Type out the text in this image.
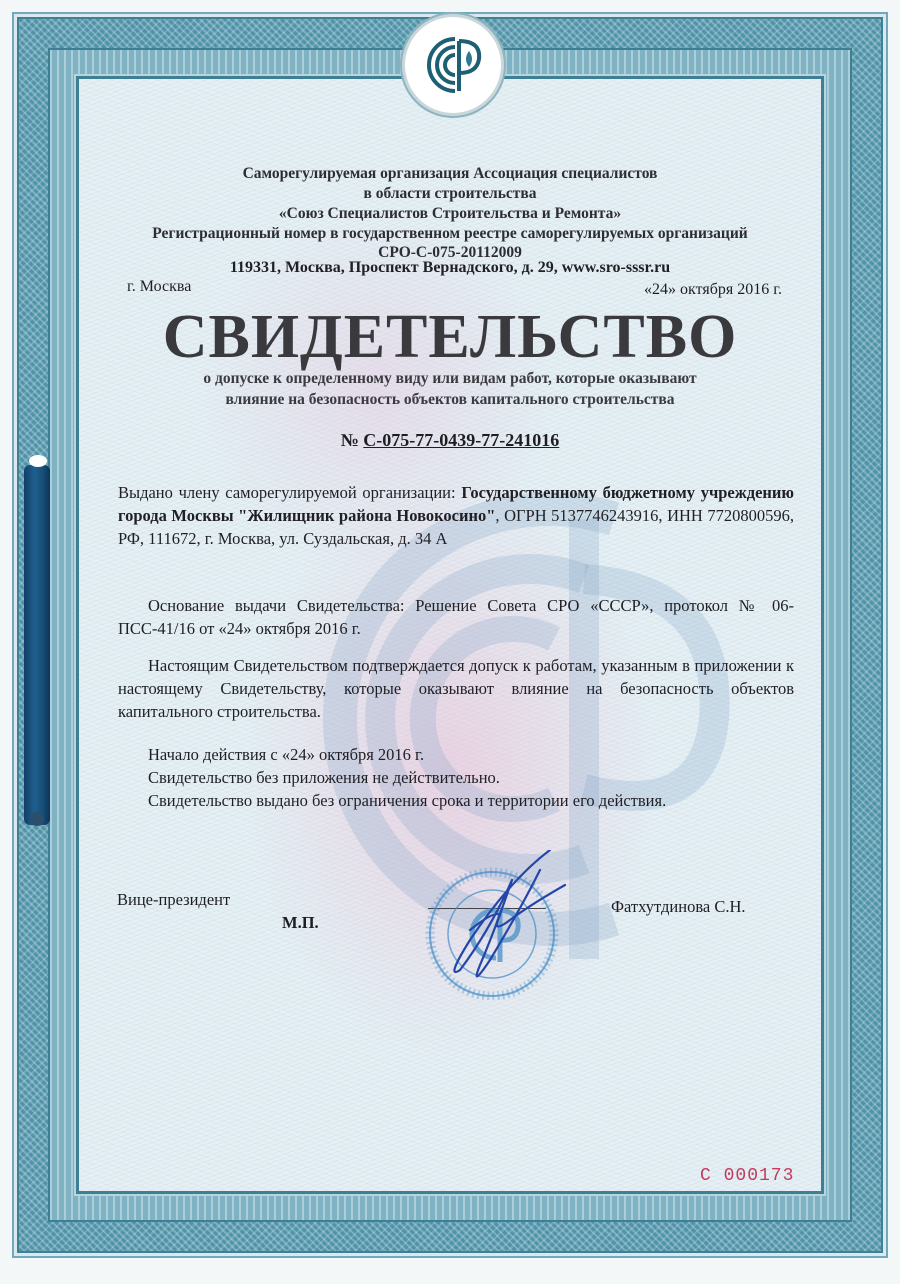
Саморегулируемая организация Ассоциация специалистов
в области строительства
«Союз Специалистов Строительства и Ремонта»
Регистрационный номер в государственном реестре саморегулируемых организаций
СРО-С-075-20112009
119331, Москва, Проспект Вернадского, д. 29, www.sro-sssr.ru
г. Москва	«24» октября 2016 г.
СВИДЕТЕЛЬСТВО
о допуске к определенному виду или видам работ, которые оказывают
влияние на безопасность объектов капитального строительства
№ С-075-77-0439-77-241016
Выдано члену саморегулируемой организации: Государственному бюджетному учреждению города Москвы "Жилищник района Новокосино", ОГРН 5137746243916, ИНН 7720800596, РФ, 111672, г. Москва, ул. Суздальская, д. 34 А
Основание выдачи Свидетельства: Решение Совета СРО «СССР», протокол № 06-ПСС-41/16 от «24» октября 2016 г.
Настоящим Свидетельством подтверждается допуск к работам, указанным в приложении к настоящему Свидетельству, которые оказывают влияние на безопасность объектов капитального строительства.
Начало действия с «24» октября 2016 г.
Свидетельство без приложения не действительно.
Свидетельство выдано без ограничения срока и территории его действия.
Вице-президент
М.П.
Фатхутдинова С.Н.
С 000173
